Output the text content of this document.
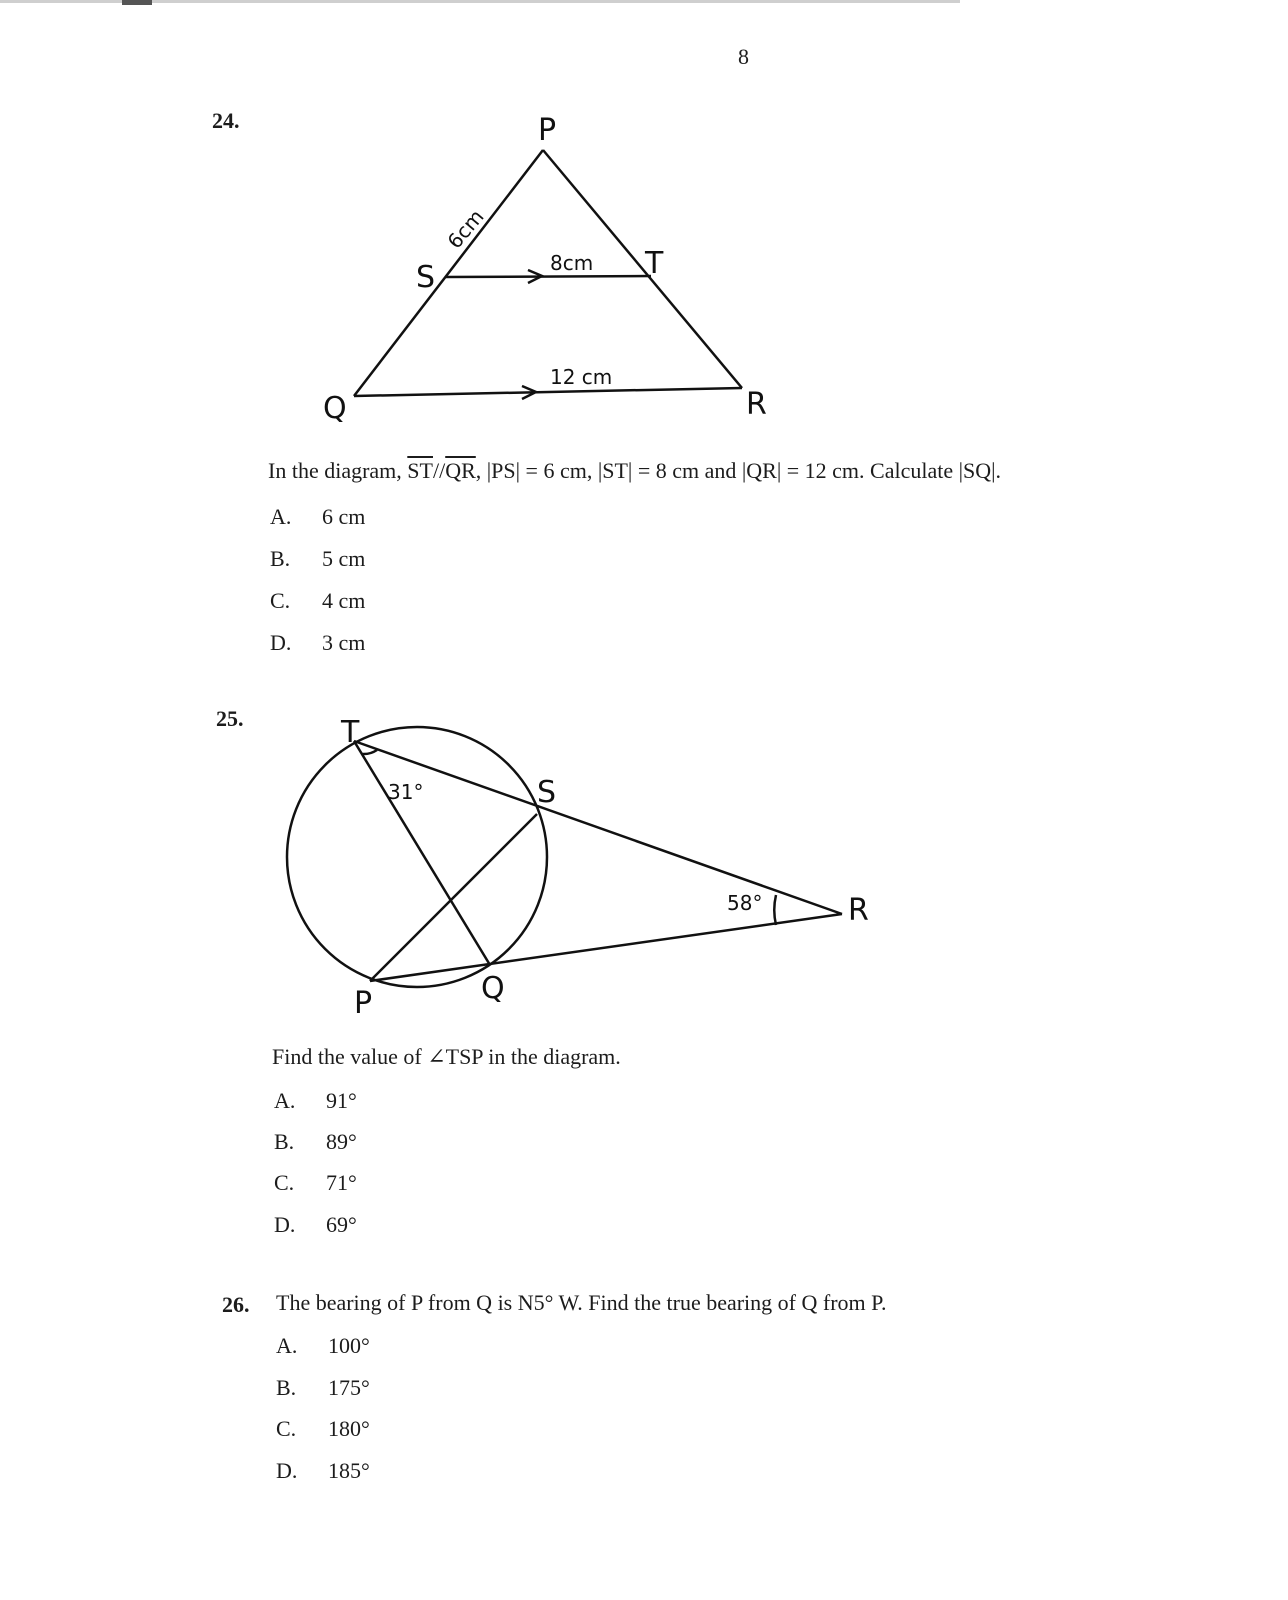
8
24.	P
S	T
Q	R
6cm
8cm
12 cm
T
S
R
P	Q
31°
58°
In the diagram, $\overline{ST}//\overline{QR}$, |PS| = 6 cm, |ST| = 8 cm and |QR| = 12 cm. Calculate |SQ|.
A. 6 cm
B. 5 cm
C. 4 cm
D. 3 cm
25.
Find the value of ∠TSP in the diagram.
A. 91°
B. 89°
C. 71°
D. 69°
26. The bearing of P from Q is N5° W. Find the true bearing of Q from P.
A. 100°
B. 175°
C. 180°
D. 185°
